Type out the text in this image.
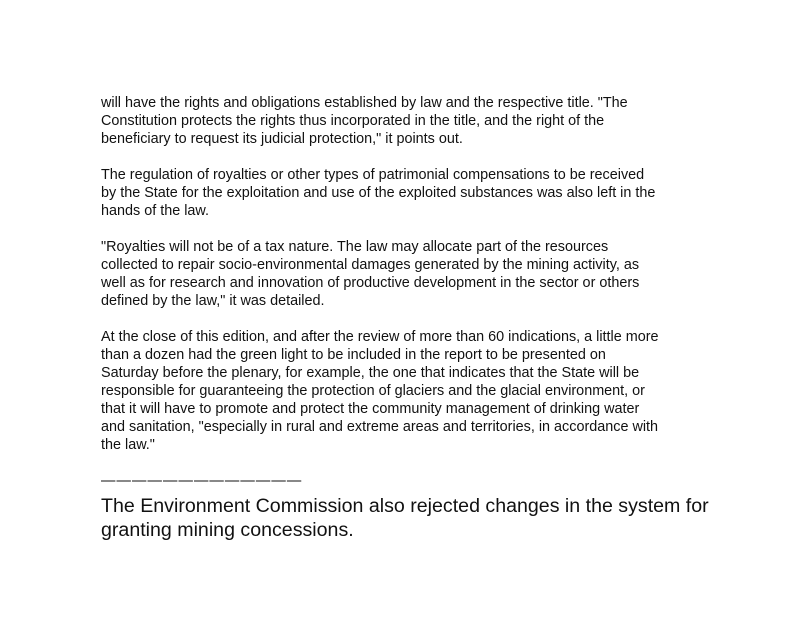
will have the rights and obligations established by law and the respective title. "The
Constitution protects the rights thus incorporated in the title, and the right of the
beneficiary to request its judicial protection," it points out.

The regulation of royalties or other types of patrimonial compensations to be received
by the State for the exploitation and use of the exploited substances was also left in the
hands of the law.

"Royalties will not be of a tax nature. The law may allocate part of the resources
collected to repair socio-environmental damages generated by the mining activity, as
well as for research and innovation of productive development in the sector or others
defined by the law," it was detailed.

At the close of this edition, and after the review of more than 60 indications, a little more
than a dozen had the green light to be included in the report to be presented on
Saturday before the plenary, for example, the one that indicates that the State will be
responsible for guaranteeing the protection of glaciers and the glacial environment, or
that it will have to promote and protect the community management of drinking water
and sanitation, "especially in rural and extreme areas and territories, in accordance with
the law."

—————————————
The Environment Commission also rejected changes in the system for
granting mining concessions.
